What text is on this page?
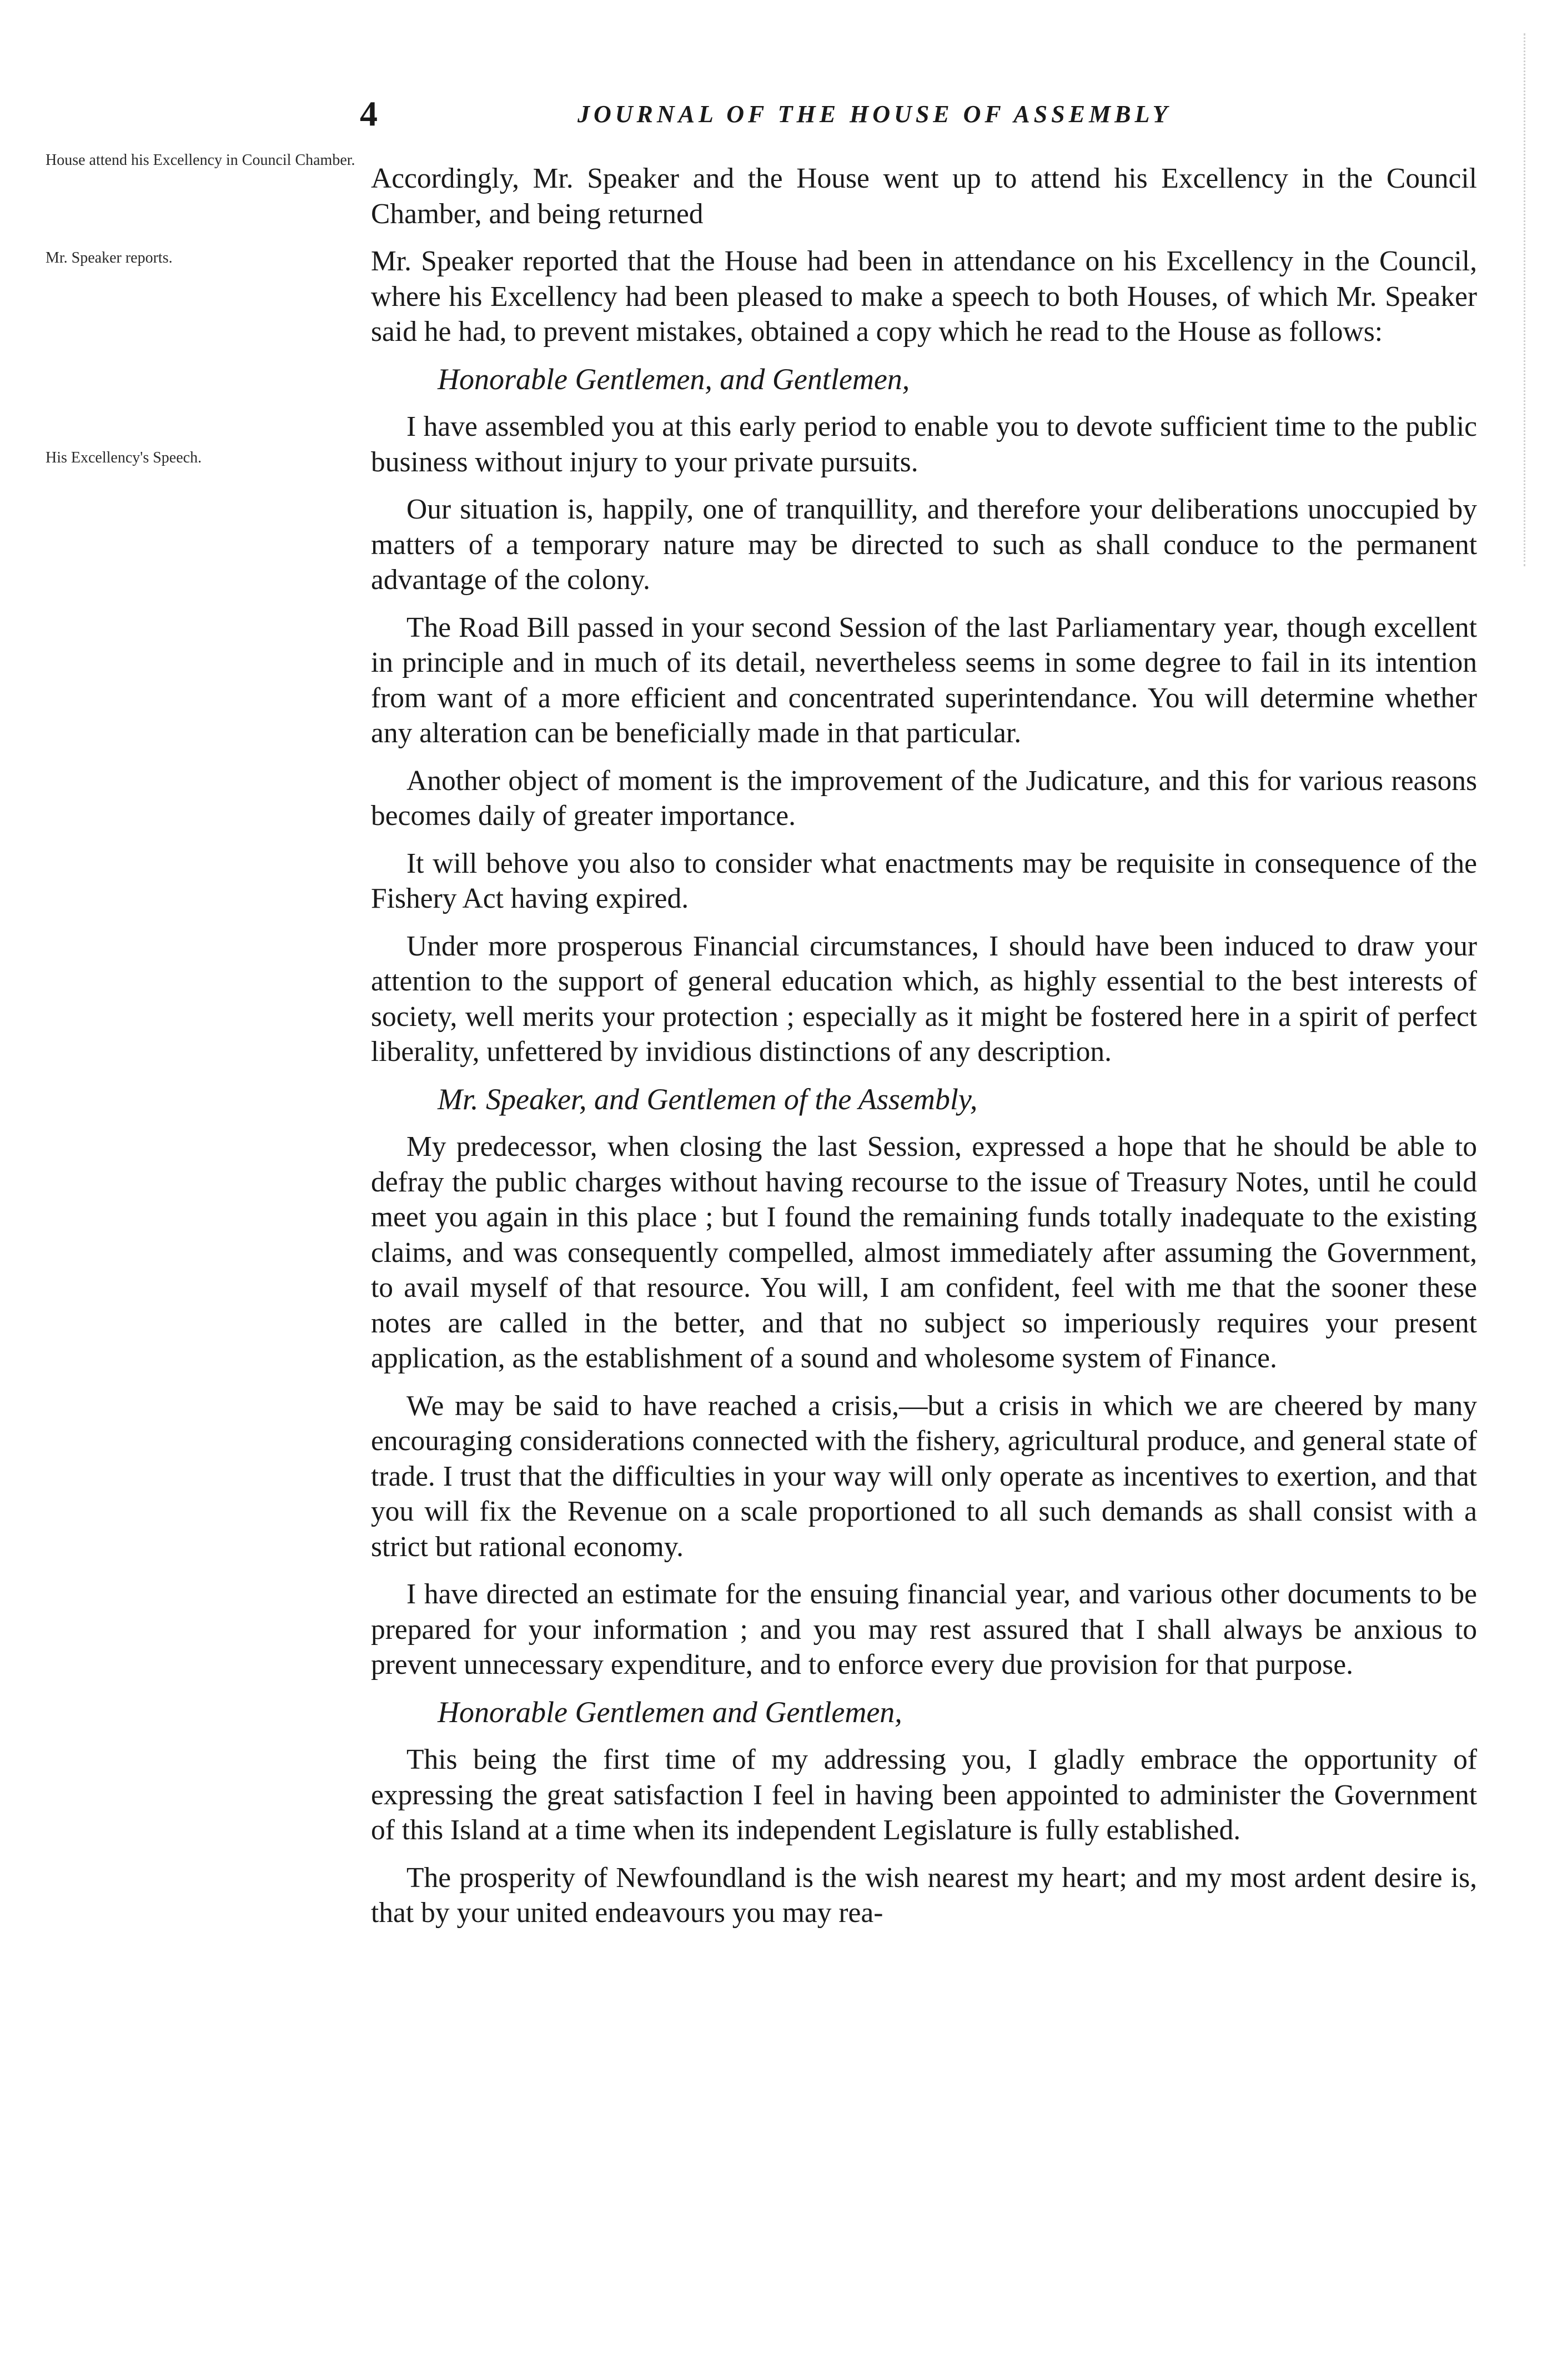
4	JOURNAL OF THE HOUSE OF ASSEMBLY
House attend his Excellency in Council Chamber.
Mr. Speaker reports.
His Excellency's Speech.

Accordingly, Mr. Speaker and the House went up to attend his Excellency in the Council Chamber, and being returned

Mr. Speaker reported that the House had been in attendance on his Excellency in the Council, where his Excellency had been pleased to make a speech to both Houses, of which Mr. Speaker said he had, to prevent mistakes, obtained a copy which he read to the House as follows:

Honorable Gentlemen, and Gentlemen,

I have assembled you at this early period to enable you to devote sufficient time to the public business without injury to your private pursuits.

Our situation is, happily, one of tranquillity, and therefore your deliberations unoccupied by matters of a temporary nature may be directed to such as shall conduce to the permanent advantage of the colony.

The Road Bill passed in your second Session of the last Parliamentary year, though excellent in principle and in much of its detail, nevertheless seems in some degree to fail in its intention from want of a more efficient and concentrated superintendance. You will determine whether any alteration can be beneficially made in that particular.

Another object of moment is the improvement of the Judicature, and this for various reasons becomes daily of greater importance.

It will behove you also to consider what enactments may be requisite in consequence of the Fishery Act having expired.

Under more prosperous Financial circumstances, I should have been induced to draw your attention to the support of general education which, as highly essential to the best interests of society, well merits your protection ; especially as it might be fostered here in a spirit of perfect liberality, unfettered by invidious distinctions of any description.

Mr. Speaker, and Gentlemen of the Assembly,

My predecessor, when closing the last Session, expressed a hope that he should be able to defray the public charges without having recourse to the issue of Treasury Notes, until he could meet you again in this place ; but I found the remaining funds totally inadequate to the existing claims, and was consequently compelled, almost immediately after assuming the Government, to avail myself of that resource. You will, I am confident, feel with me that the sooner these notes are called in the better, and that no subject so imperiously requires your present application, as the establishment of a sound and wholesome system of Finance.

We may be said to have reached a crisis,—but a crisis in which we are cheered by many encouraging considerations connected with the fishery, agricultural produce, and general state of trade. I trust that the difficulties in your way will only operate as incentives to exertion, and that you will fix the Revenue on a scale proportioned to all such demands as shall consist with a strict but rational economy.

I have directed an estimate for the ensuing financial year, and various other documents to be prepared for your information ; and you may rest assured that I shall always be anxious to prevent unnecessary expenditure, and to enforce every due provision for that purpose.

Honorable Gentlemen and Gentlemen,

This being the first time of my addressing you, I gladly embrace the opportunity of expressing the great satisfaction I feel in having been appointed to administer the Government of this Island at a time when its independent Legislature is fully established.

The prosperity of Newfoundland is the wish nearest my heart; and my most ardent desire is, that by your united endeavours you may rea-
